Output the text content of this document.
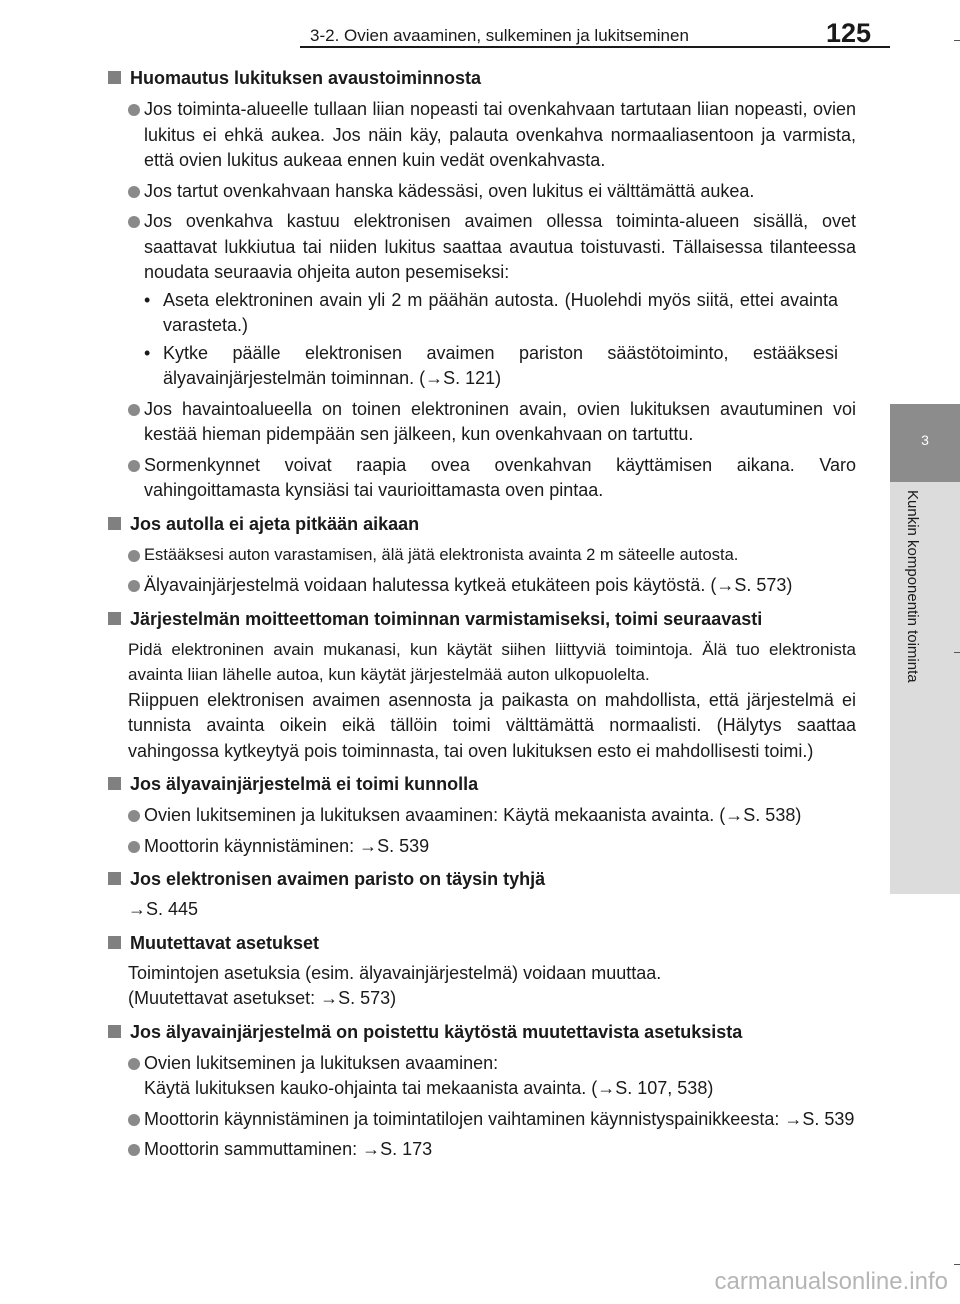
3-2. Ovien avaaminen, sulkeminen ja lukitseminen	125
3
Kunkin komponentin toiminta
Huomautus lukituksen avaustoiminnosta
Jos toiminta-alueelle tullaan liian nopeasti tai ovenkahvaan tartutaan liian nopeasti, ovien lukitus ei ehkä aukea. Jos näin käy, palauta ovenkahva normaaliasentoon ja varmista, että ovien lukitus aukeaa ennen kuin vedät ovenkahvasta.
Jos tartut ovenkahvaan hanska kädessäsi, oven lukitus ei välttämättä aukea.
Jos ovenkahva kastuu elektronisen avaimen ollessa toiminta-alueen sisällä, ovet saattavat lukkiutua tai niiden lukitus saattaa avautua toistuvasti. Tällaisessa tilanteessa noudata seuraavia ohjeita auton pesemiseksi:
• Aseta elektroninen avain yli 2 m päähän autosta. (Huolehdi myös siitä, ettei avainta varasteta.)
• Kytke päälle elektronisen avaimen pariston säästötoiminto, estääksesi älyavainjärjestelmän toiminnan. (→S. 121)
Jos havaintoalueella on toinen elektroninen avain, ovien lukituksen avautuminen voi kestää hieman pidempään sen jälkeen, kun ovenkahvaan on tartuttu.
Sormenkynnet voivat raapia ovea ovenkahvan käyttämisen aikana. Varo vahingoittamasta kynsiäsi tai vaurioittamasta oven pintaa.
Jos autolla ei ajeta pitkään aikaan
Estääksesi auton varastamisen, älä jätä elektronista avainta 2 m säteelle autosta.
Älyavainjärjestelmä voidaan halutessa kytkeä etukäteen pois käytöstä. (→S. 573)
Järjestelmän moitteettoman toiminnan varmistamiseksi, toimi seuraavasti
Pidä elektroninen avain mukanasi, kun käytät siihen liittyviä toimintoja. Älä tuo elektronista avainta liian lähelle autoa, kun käytät järjestelmää auton ulkopuolelta.
Riippuen elektronisen avaimen asennosta ja paikasta on mahdollista, että järjestelmä ei tunnista avainta oikein eikä tällöin toimi välttämättä normaalisti. (Hälytys saattaa vahingossa kytkeytyä pois toiminnasta, tai oven lukituksen esto ei mahdollisesti toimi.)
Jos älyavainjärjestelmä ei toimi kunnolla
Ovien lukitseminen ja lukituksen avaaminen: Käytä mekaanista avainta. (→S. 538)
Moottorin käynnistäminen: →S. 539
Jos elektronisen avaimen paristo on täysin tyhjä
→S. 445
Muutettavat asetukset
Toimintojen asetuksia (esim. älyavainjärjestelmä) voidaan muuttaa.
(Muutettavat asetukset: →S. 573)
Jos älyavainjärjestelmä on poistettu käytöstä muutettavista asetuksista
Ovien lukitseminen ja lukituksen avaaminen:
Käytä lukituksen kauko-ohjainta tai mekaanista avainta. (→S. 107, 538)
Moottorin käynnistäminen ja toimintatilojen vaihtaminen käynnistyspainikkeesta: →S. 539
Moottorin sammuttaminen: →S. 173
carmanualsonline.info
